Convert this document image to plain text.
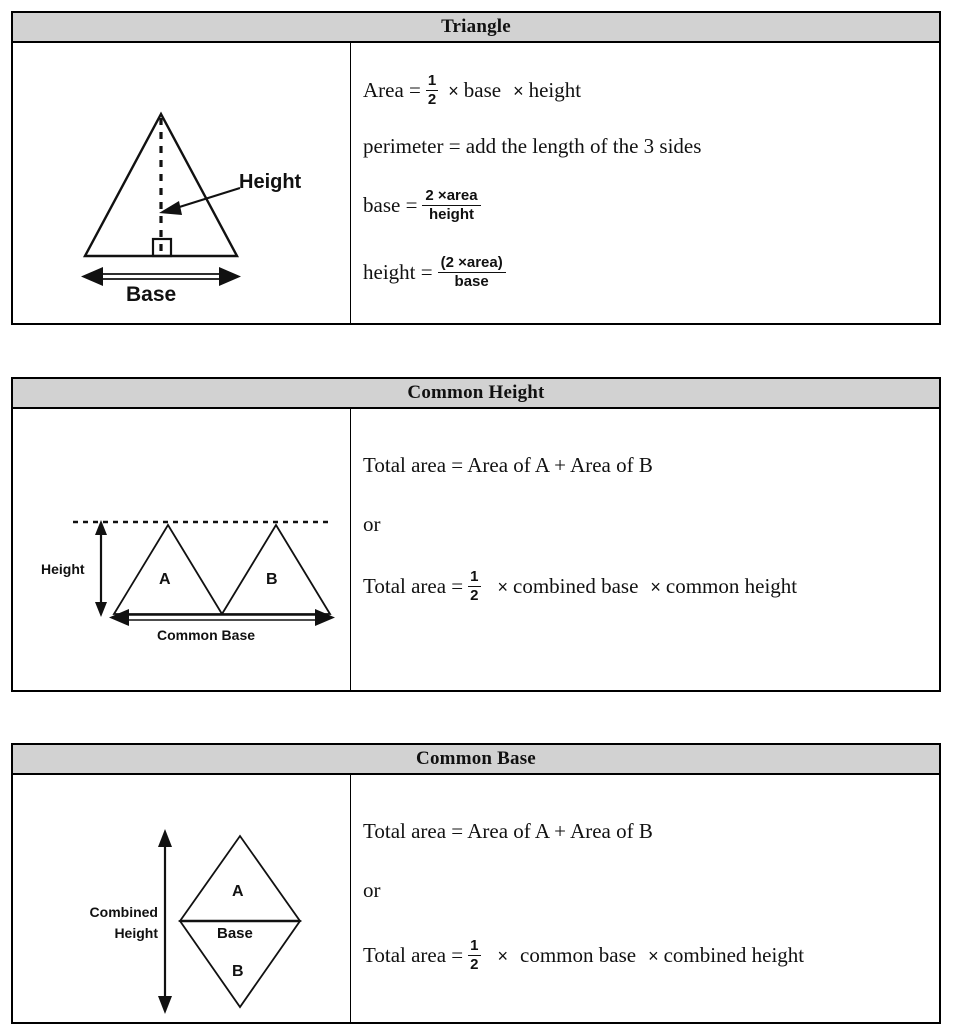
Triangle
Height
Base
Area = $\frac{1}{2}$ × base × height
perimeter = add the length of the 3 sides
base = $\frac{\text{2 ×area}}{\text{height}}$
height = $\frac{\text{(2 ×area)}}{\text{base}}$
Common Height
Height
A	B
Common Base
Total area = Area of A + Area of B
or
Total area = $\frac{1}{2}$ × combined base × common height
Common Base
Combined
Height
A
Base
B
Total area = Area of A + Area of B
or
Total area = $\frac{1}{2}$ × common base × combined height
